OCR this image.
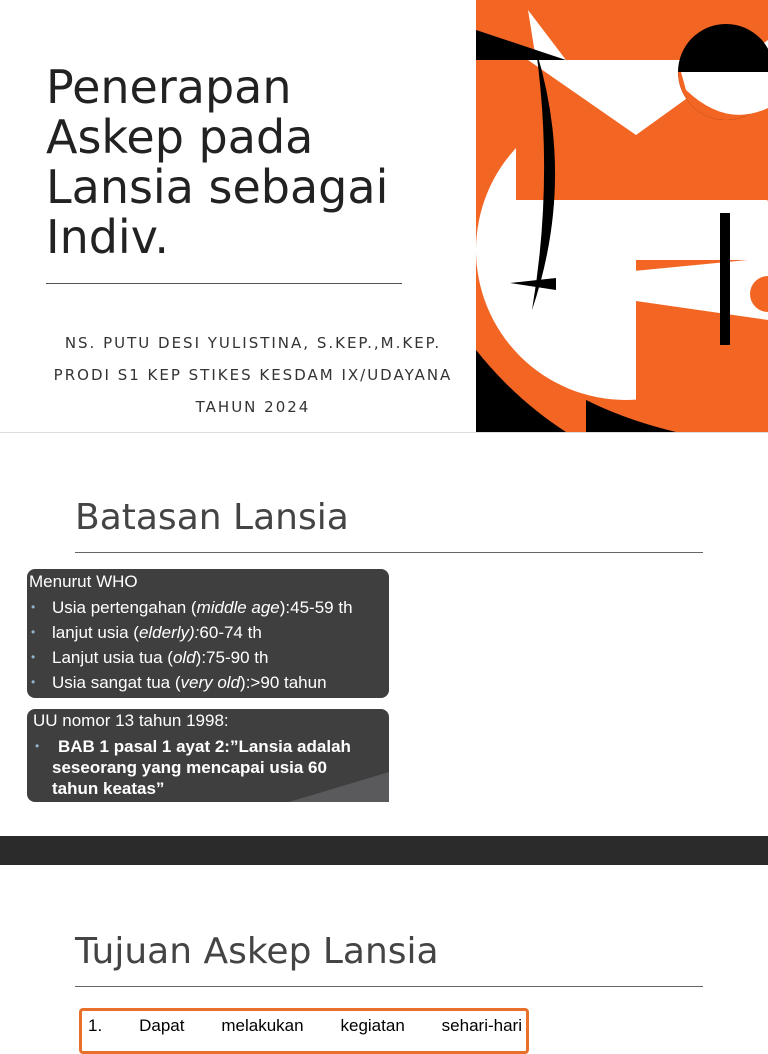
Penerapan
Askep pada
Lansia sebagai
Indiv.
NS. PUTU DESI YULISTINA, S.KEP.,M.KEP.
PRODI S1 KEP STIKES KESDAM IX/UDAYANA
TAHUN 2024
Batasan Lansia
Menurut WHO
• Usia pertengahan (middle age):45-59 th
• lanjut usia (elderly):60-74 th
• Lanjut usia tua (old):75-90 th
• Usia sangat tua (very old):>90 tahun
UU nomor 13 tahun 1998:
• BAB 1 pasal 1 ayat 2:”Lansia adalah
seseorang yang mencapai usia 60
tahun keatas”
Tujuan Askep Lansia
1. Dapat melakukan kegiatan sehari-hari
